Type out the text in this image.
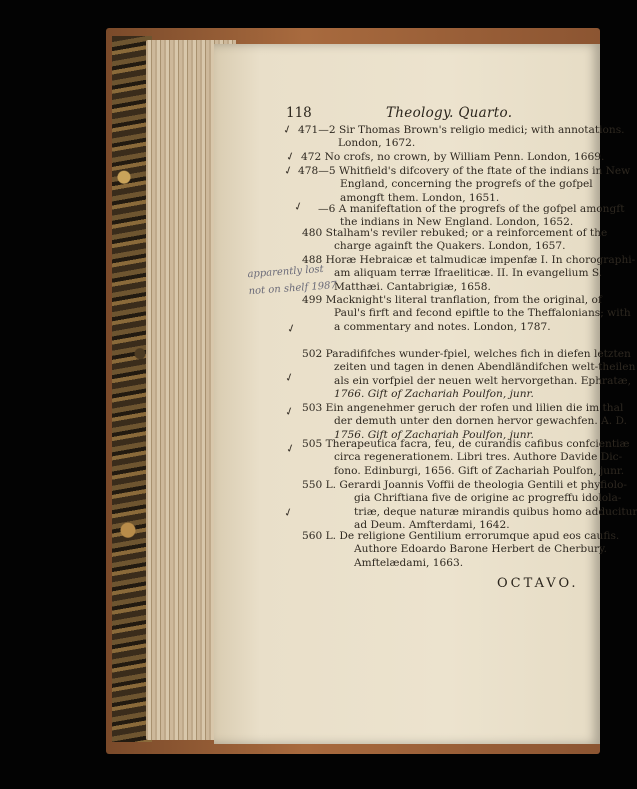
118	Theology. Quarto.
✓
✓
✓
✓
✓
✓
✓
✓
✓
apparently lost
not on shelf 1987.
471—2 Sir Thomas Brown's religio medici; with annotations.
London, 1672.
472 No crofs, no crown, by William Penn. London, 1669.
478—5 Whitfield's difcovery of the ftate of the indians in New
England, concerning the progrefs of the gofpel
amongft them. London, 1651.
—6 A manifeftation of the progrefs of the gofpel amongft
the indians in New England. London, 1652.
480 Stalham's reviler rebuked; or a reinforcement of the
charge againft the Quakers. London, 1657.
488 Horæ Hebraicæ et talmudicæ impenfæ I. In chorographi-
am aliquam terræ Ifraeliticæ. II. In evangelium S.
Matthæi. Cantabrigiæ, 1658.
499 Macknight's literal tranflation, from the original, of
Paul's firft and fecond epiftle to the Theffalonians; with
a commentary and notes. London, 1787.
502 Paradififches wunder-fpiel, welches fich in diefen letzten
zeiten und tagen in denen Abendländifchen welt-theilen
als ein vorfpiel der neuen welt hervorgethan. Ephratæ,
1766. Gift of Zachariah Poulfon, junr.
503 Ein angenehmer geruch der rofen und lilien die im thal
der demuth unter den dornen hervor gewachfen. A. D.
1756. Gift of Zachariah Poulfon, junr.
505 Therapeutica facra, feu, de curandis cafibus confcientiæ
circa regenerationem. Libri tres. Authore Davide Dic-
fono. Edinburgi, 1656. Gift of Zachariah Poulfon, junr.
550 L. Gerardi Joannis Voffii de theologia Gentili et phyfiolo-
gia Chriftiana five de origine ac progreffu idolola-
triæ, deque naturæ mirandis quibus homo adducitur
ad Deum. Amfterdami, 1642.
560 L. De religione Gentilium errorumque apud eos caufis.
Authore Edoardo Barone Herbert de Cherbury.
Amftelædami, 1663.
OCTAVO.
